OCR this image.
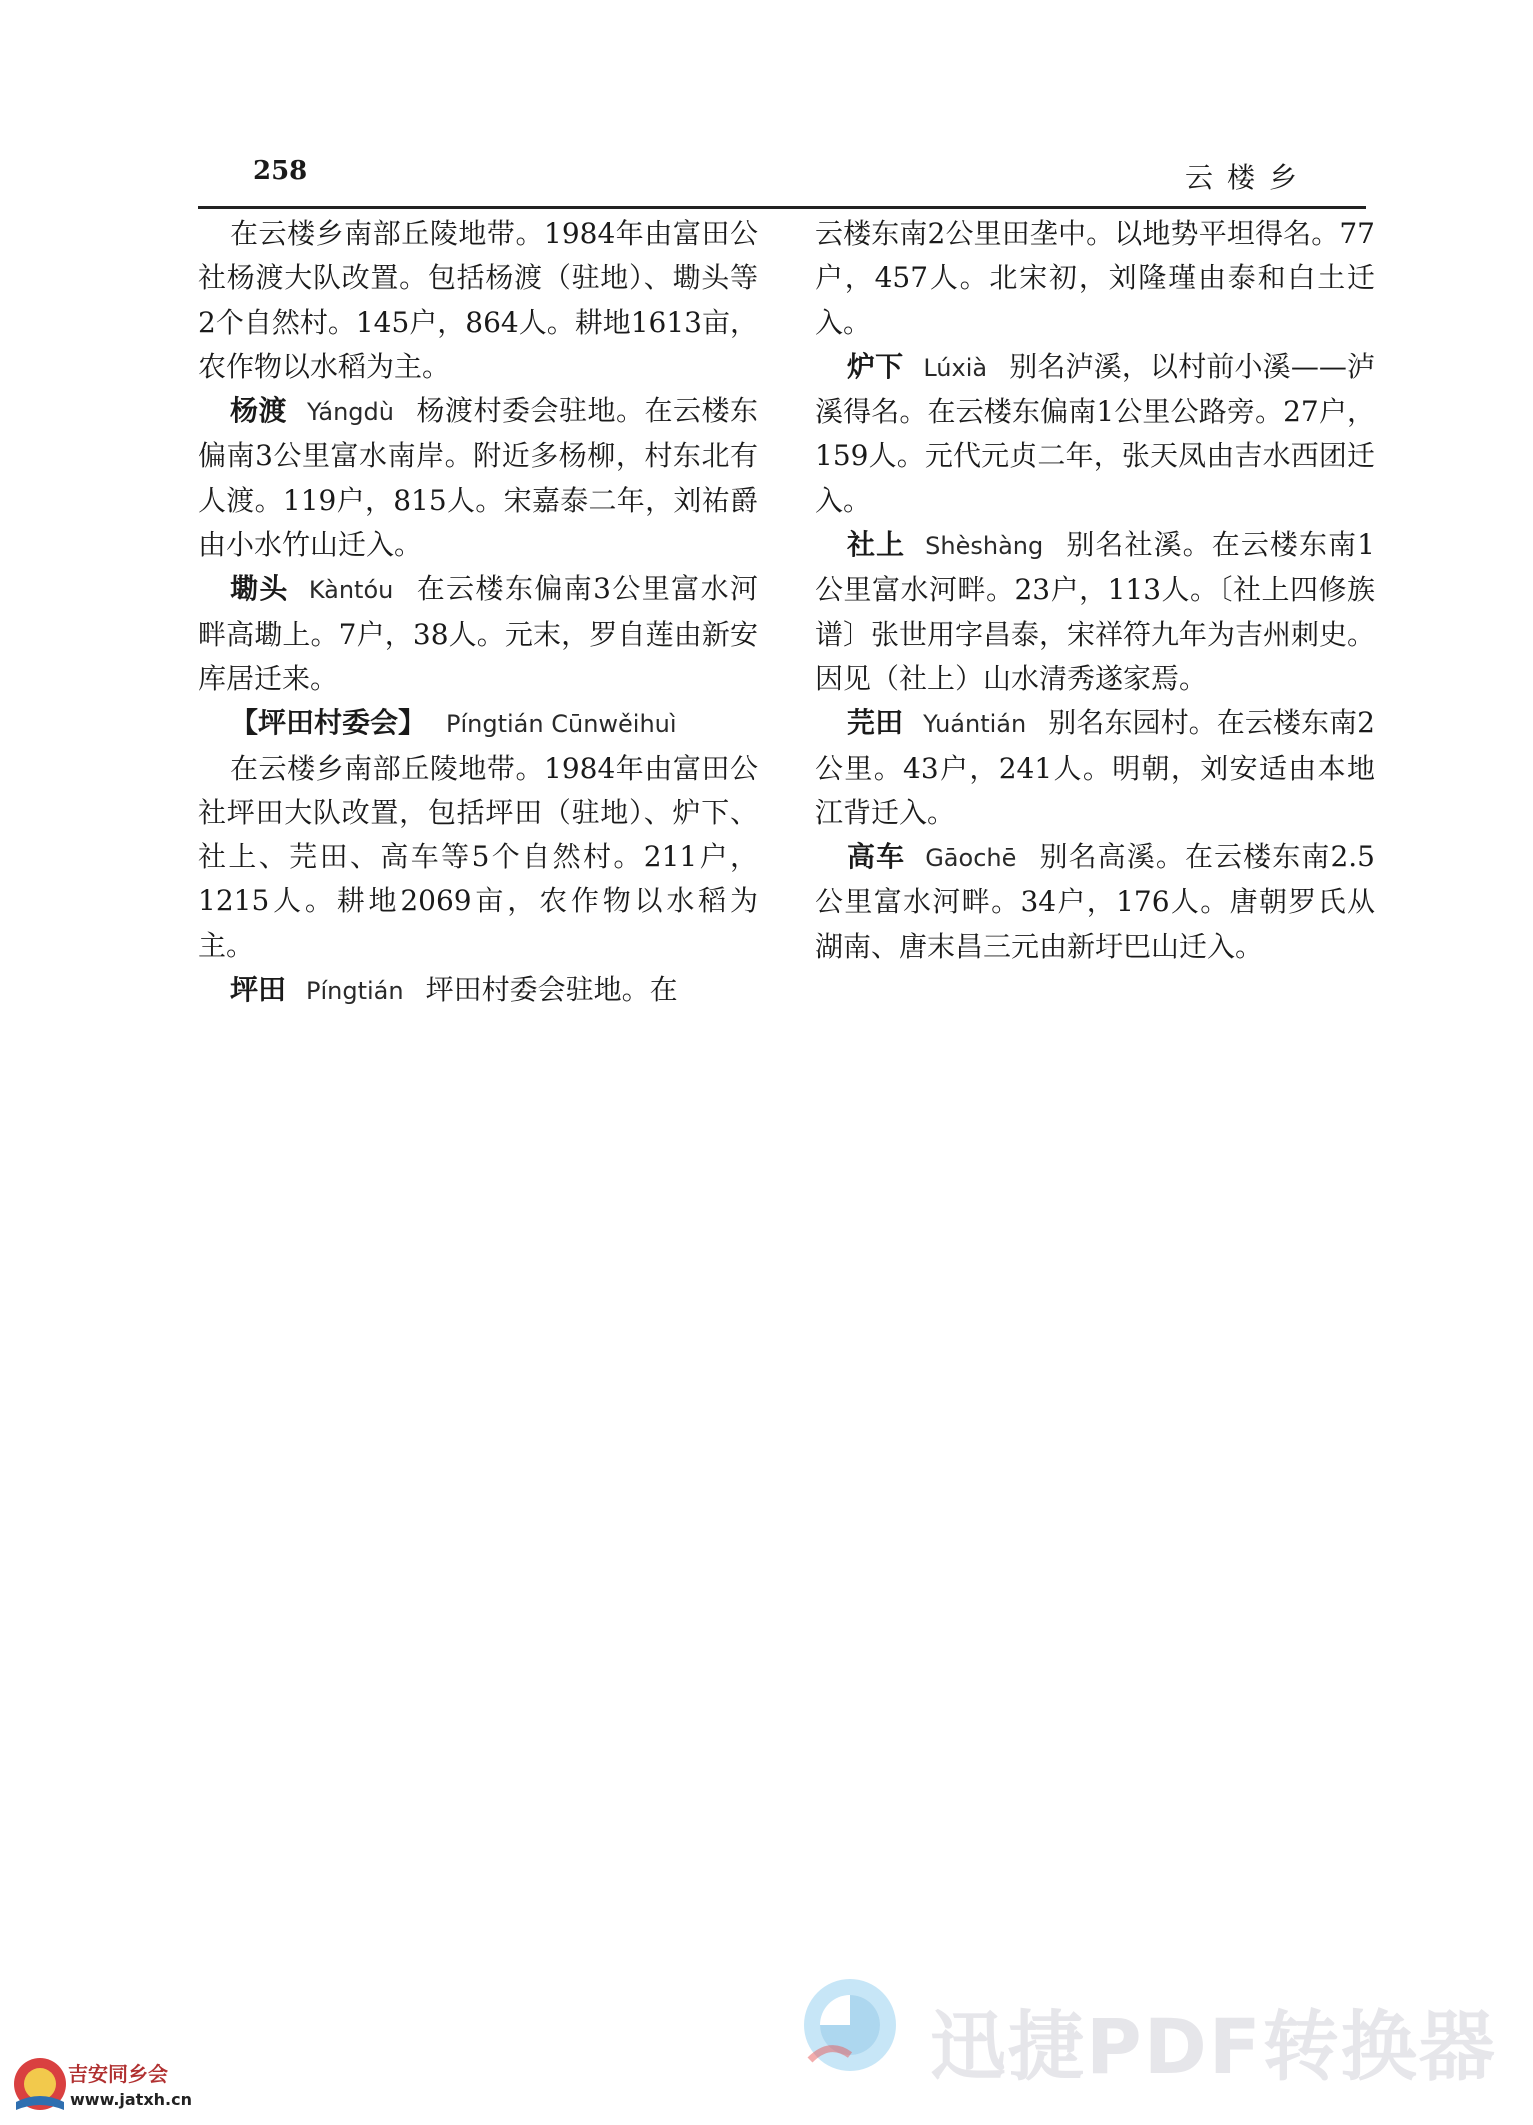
258	云楼乡

在云楼乡南部丘陵地带。1984年由富田公社杨渡大队改置。包括杨渡（驻地）、墈头等2个自然村。145户，864人。耕地1613亩，农作物以水稻为主。

杨渡 Yángdù 杨渡村委会驻地。在云楼东偏南3公里富水南岸。附近多杨柳，村东北有人渡。119户，815人。宋嘉泰二年，刘祐爵由小水竹山迁入。

墈头 Kàntóu 在云楼东偏南3公里富水河畔高墈上。7户，38人。元末，罗自莲由新安库居迁来。

【坪田村委会】 Píngtián Cūnwěihuì

在云楼乡南部丘陵地带。1984年由富田公社坪田大队改置，包括坪田（驻地）、炉下、社上、芫田、高车等5个自然村。211户，1215人。耕地2069亩，农作物以水稻为主。

坪田 Píngtián 坪田村委会驻地。在

云楼东南2公里田垄中。以地势平坦得名。77户，457人。北宋初，刘隆瑾由泰和白土迁入。

炉下 Lúxià 别名泸溪，以村前小溪——泸溪得名。在云楼东偏南1公里公路旁。27户，159人。元代元贞二年，张天凤由吉水西团迁入。

社上 Shèshàng 别名社溪。在云楼东南1公里富水河畔。23户，113人。〔社上四修族谱〕张世用字昌泰，宋祥符九年为吉州刺史。因见（社上）山水清秀遂家焉。

芫田 Yuántián 别名东园村。在云楼东南2公里。43户，241人。明朝，刘安适由本地江背迁入。

高车 Gāochē 别名高溪。在云楼东南2.5公里富水河畔。34户，176人。唐朝罗氏从湖南、唐末昌三元由新圩巴山迁入。

迅捷PDF转换器
吉安同乡会
www.jatxh.cn
